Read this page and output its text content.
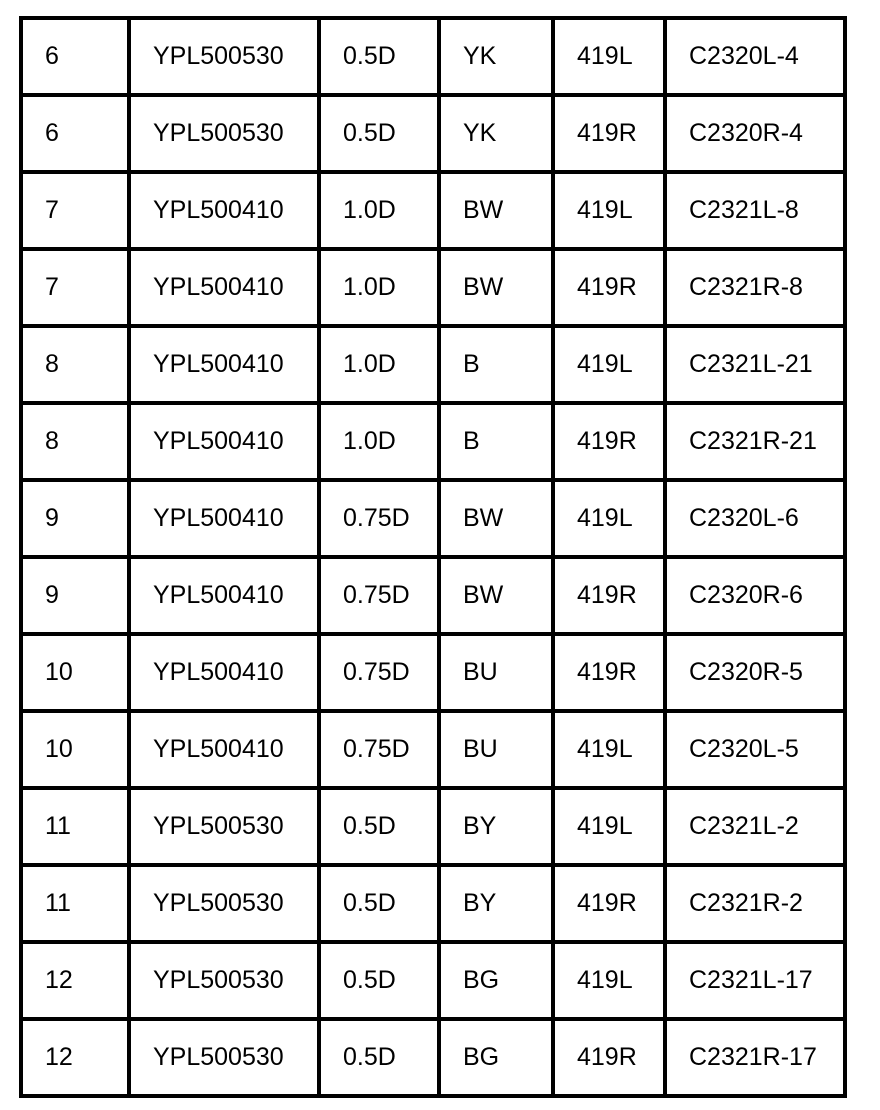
6	YPL500530	0.5D	YK	419L	C2320L-4
6	YPL500530	0.5D	YK	419R	C2320R-4
7	YPL500410	1.0D	BW	419L	C2321L-8
7	YPL500410	1.0D	BW	419R	C2321R-8
8	YPL500410	1.0D	B	419L	C2321L-21
8	YPL500410	1.0D	B	419R	C2321R-21
9	YPL500410	0.75D	BW	419L	C2320L-6
9	YPL500410	0.75D	BW	419R	C2320R-6
10	YPL500410	0.75D	BU	419R	C2320R-5
10	YPL500410	0.75D	BU	419L	C2320L-5
11	YPL500530	0.5D	BY	419L	C2321L-2
11	YPL500530	0.5D	BY	419R	C2321R-2
12	YPL500530	0.5D	BG	419L	C2321L-17
12	YPL500530	0.5D	BG	419R	C2321R-17
